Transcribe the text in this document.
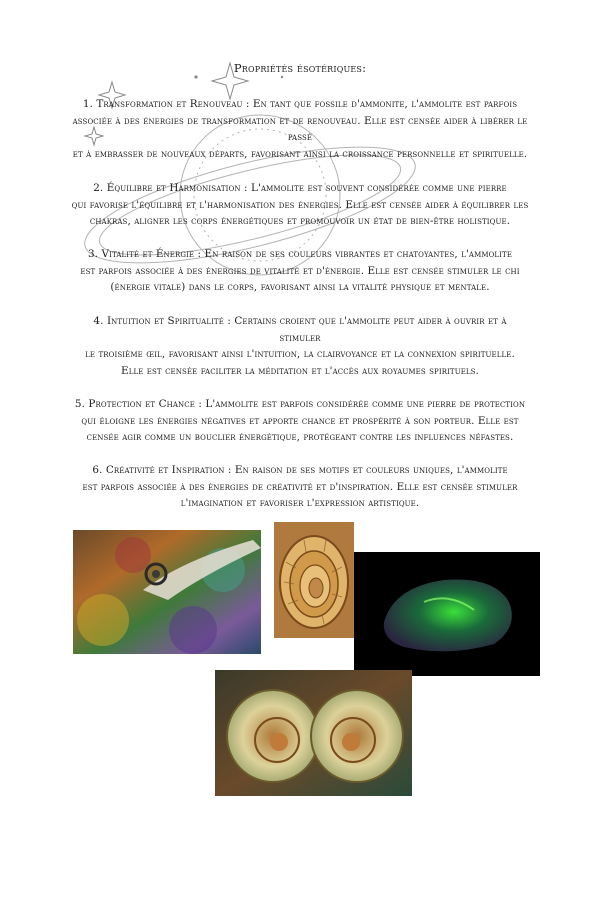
Propriétés ésotériques:

1. Transformation et Renouveau : En tant que fossile d'ammonite, l'ammolite est parfois

associée à des énergies de transformation et de renouveau. Elle est censée aider à libérer le

passé

et à embrasser de nouveaux départs, favorisant ainsi la croissance personnelle et spirituelle.

2. Équilibre et Harmonisation : L'ammolite est souvent considérée comme une pierre

qui favorise l'équilibre et l'harmonisation des énergies. Elle est censée aider à équilibrer les

chakras, aligner les corps énergétiques et promouvoir un état de bien-être holistique.

3. Vitalité et Énergie : En raison de ses couleurs vibrantes et chatoyantes, l'ammolite

est parfois associée à des énergies de vitalité et d'énergie. Elle est censée stimuler le chi

(énergie vitale) dans le corps, favorisant ainsi la vitalité physique et mentale.

4. Intuition et Spiritualité : Certains croient que l'ammolite peut aider à ouvrir et à

stimuler

le troisième œil, favorisant ainsi l'intuition, la clairvoyance et la connexion spirituelle.

Elle est censée faciliter la méditation et l'accès aux royaumes spirituels.

5. Protection et Chance : L'ammolite est parfois considérée comme une pierre de protection

qui éloigne les énergies négatives et apporte chance et prospérité à son porteur. Elle est

censée agir comme un bouclier énergétique, protégeant contre les influences néfastes.

6. Créativité et Inspiration : En raison de ses motifs et couleurs uniques, l'ammolite

est parfois associée à des énergies de créativité et d'inspiration. Elle est censée stimuler

l'imagination et favoriser l'expression artistique.
